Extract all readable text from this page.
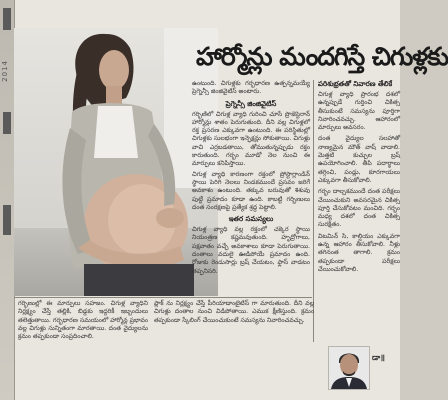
2014	హార్మోన్లు మందగిస్తే చిగుళ్లకు

ఉంటుంది. చిగుళ్లకు గర్భధారణ ఉత్పన్నమయ్యే ప్రెగ్నెన్సీ జింజివైటిస్ అంటారు.

ప్రెగ్నెన్సీ జింజివైటిస్

గర్భిణిలో చిగుళ్ల వ్యాధి గురించి చూసే ప్రొజెస్టెరాన్ హార్మోన్లు శాతం పెరుగుతుంది. దీని వల్ల చిగుళ్లలో రక్త ప్రసరణ ఎక్కువగా ఉంటుంది. ఈ పరిస్థితుల్లో చిగుళ్లకు సులభంగా ఇన్ఫెక్షన్లు సోకుతాయి. చిగుళ్లు వాచి ఎర్రబడతాయి, తోముతున్నప్పుడు రక్తం కారుతుంది. గర్భం మూడో నెల నుంచి ఈ మార్పులు కనిపిస్తాయి.

చిగుళ్ల వ్యాధి కారణంగా రక్తంలో ప్రోస్టాగ్లాండిన్ స్థాయి పెరిగి నెలలు నిండకముందే ప్రసవం జరిగే అవకాశం ఉంటుంది. తక్కువ బరువుతో శిశువు పుట్టే ప్రమాదం కూడా ఉంది. కాబట్టి గర్భిణులు దంత సంరక్షణపై ప్రత్యేక శ్రద్ధ పెట్టాలి.

ఇతర సమస్యలు

చిగుళ్ల వ్యాధి వల్ల రక్తంలో చక్కెర స్థాయి నియంత్రణ కష్టమవుతుంది. హృద్రోగాలు, పక్షవాతం వచ్చే అవకాశాలు కూడా పెరుగుతాయి. దంతాలు వదులై ఊడిపోయే ప్రమాదం ఉంది. రోజుకు రెండుసార్లు బ్రష్ చేయటం, ఫ్లాస్ వాడటం తప్పనిసరి.

పరిశుభ్రతతో నివారణ తేలికే

చిగుళ్ల వ్యాధి ప్రారంభ దశలో ఉన్నప్పుడే గుర్తించి చికిత్స తీసుకుంటే సమస్యను పూర్తిగా నివారించవచ్చు. ఆహారంలో మార్పులు అవసరం.

దంత వైద్యుల సలహాతో నాణ్యమైన మౌత్ వాష్ వాడాలి. మెత్తటి కుచ్చుల బ్రష్ ఉపయోగించాలి. తీపి పదార్థాలు తగ్గించి, పండ్లు, కూరగాయలు ఎక్కువగా తీసుకోవాలి.

గర్భం దాల్చకముందే దంత పరీక్షలు చేయించుకుని అవసరమైన చికిత్స పూర్తి చేసుకోవటం మంచిది. గర్భం మధ్య దశలో దంత చికిత్స సురక్షితం.

విటమిన్ సి, కాల్షియం ఎక్కువగా ఉన్న ఆహారం తీసుకోవాలి. నీళ్లు తగినంత తాగాలి. క్రమం తప్పకుండా పరీక్షలు చేయించుకోవాలి.

గర్భిణుల్లో ఈ మార్పులు సహజం. చిగుళ్ల వ్యాధిని నిర్లక్ష్యం చేస్తే తల్లికి, బిడ్డకు ఇద్దరికీ ఇబ్బందులు తలెత్తుతాయి. గర్భధారణ సమయంలో హార్మోన్ల ప్రభావం వల్ల చిగుళ్లు సున్నితంగా మారతాయి. దంత వైద్యులను క్రమం తప్పకుండా సంప్రదించాలి.

ప్లాక్ ను నిర్లక్ష్యం చేస్తే పీరియాడాంటైటిస్ గా మారుతుంది. దీని వల్ల చిగుళ్లు దంతాల నుంచి విడిపోతాయి. ఎముక క్షీణిస్తుంది. క్రమం తప్పకుండా స్కేలింగ్ చేయించుకుంటే సమస్యను నివారించవచ్చు.

డా॥
